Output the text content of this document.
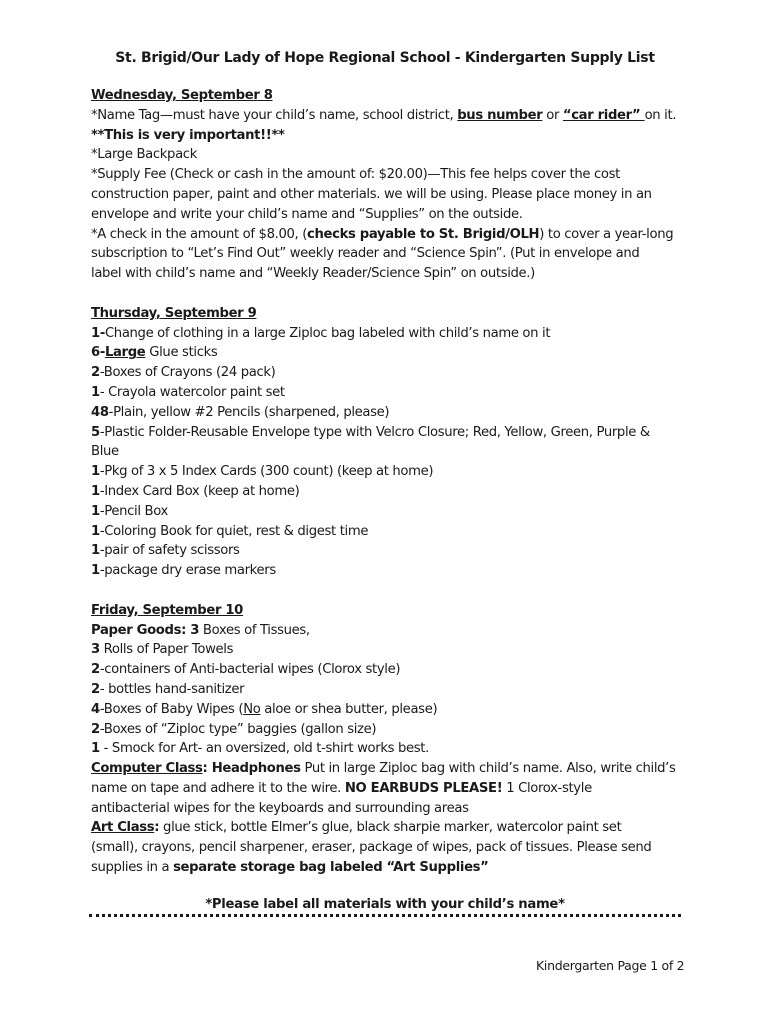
St. Brigid/Our Lady of Hope Regional School - Kindergarten Supply List
Wednesday, September 8
*Name Tag—must have your child’s name, school district, bus number or “car rider” on it.
**This is very important!!**
*Large Backpack
*Supply Fee (Check or cash in the amount of: $20.00)—This fee helps cover the cost
construction paper, paint and other materials. we will be using. Please place money in an
envelope and write your child’s name and “Supplies” on the outside.
*A check in the amount of $8.00, (checks payable to St. Brigid/OLH) to cover a year-long
subscription to “Let’s Find Out” weekly reader and “Science Spin”. (Put in envelope and
label with child’s name and “Weekly Reader/Science Spin” on outside.)
Thursday, September 9
1-Change of clothing in a large Ziploc bag labeled with child’s name on it
6-Large Glue sticks
2-Boxes of Crayons (24 pack)
1- Crayola watercolor paint set
48-Plain, yellow #2 Pencils (sharpened, please)
5-Plastic Folder-Reusable Envelope type with Velcro Closure; Red, Yellow, Green, Purple &
Blue
1-Pkg of 3 x 5 Index Cards (300 count) (keep at home)
1-Index Card Box (keep at home)
1-Pencil Box
1-Coloring Book for quiet, rest & digest time
1-pair of safety scissors
1-package dry erase markers
Friday, September 10
Paper Goods: 3 Boxes of Tissues,
3 Rolls of Paper Towels
2-containers of Anti-bacterial wipes (Clorox style)
2- bottles hand-sanitizer
4-Boxes of Baby Wipes (No aloe or shea butter, please)
2-Boxes of “Ziploc type” baggies (gallon size)
1 - Smock for Art- an oversized, old t-shirt works best.
Computer Class: Headphones Put in large Ziploc bag with child’s name. Also, write child’s
name on tape and adhere it to the wire. NO EARBUDS PLEASE! 1 Clorox-style
antibacterial wipes for the keyboards and surrounding areas
Art Class: glue stick, bottle Elmer’s glue, black sharpie marker, watercolor paint set
(small), crayons, pencil sharpener, eraser, package of wipes, pack of tissues. Please send
supplies in a separate storage bag labeled “Art Supplies”
*Please label all materials with your child’s name*
Kindergarten Page 1 of 2
